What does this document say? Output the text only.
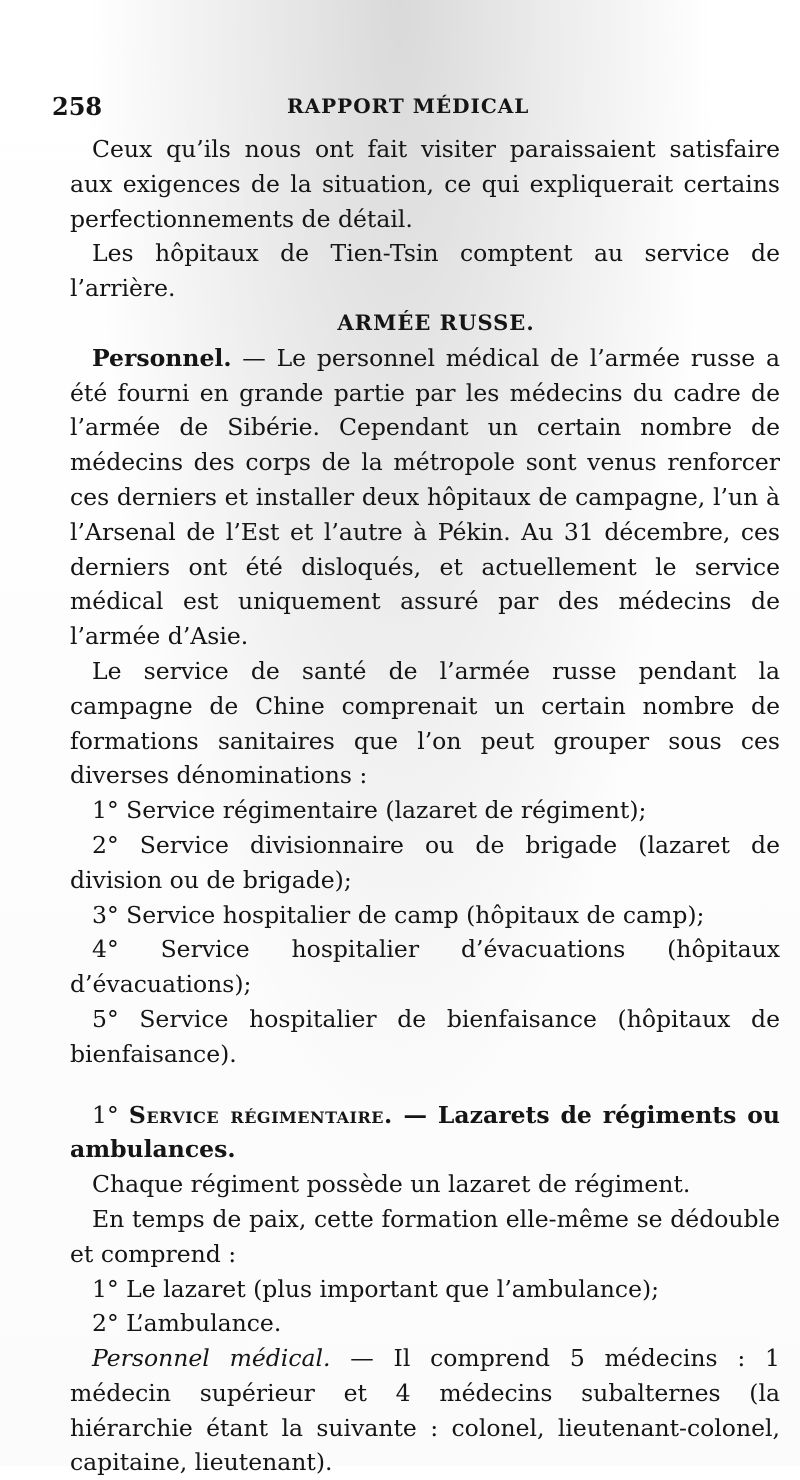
258	RAPPORT MÉDICAL

Ceux qu’ils nous ont fait visiter paraissaient satisfaire aux exigences de la situation, ce qui expliquerait certains perfectionnements de détail.

Les hôpitaux de Tien-Tsin comptent au service de l’arrière.

ARMÉE RUSSE.

Personnel. — Le personnel médical de l’armée russe a été fourni en grande partie par les médecins du cadre de l’armée de Sibérie. Cependant un certain nombre de médecins des corps de la métropole sont venus renforcer ces derniers et installer deux hôpitaux de campagne, l’un à l’Arsenal de l’Est et l’autre à Pékin. Au 31 décembre, ces derniers ont été disloqués, et actuellement le service médical est uniquement assuré par des médecins de l’armée d’Asie.

Le service de santé de l’armée russe pendant la campagne de Chine comprenait un certain nombre de formations sanitaires que l’on peut grouper sous ces diverses dénominations :

1° Service régimentaire (lazaret de régiment);

2° Service divisionnaire ou de brigade (lazaret de division ou de brigade);

3° Service hospitalier de camp (hôpitaux de camp);

4° Service hospitalier d’évacuations (hôpitaux d’évacuations);

5° Service hospitalier de bienfaisance (hôpitaux de bienfaisance).

1° Service régimentaire. — Lazarets de régiments ou ambulances.

Chaque régiment possède un lazaret de régiment.

En temps de paix, cette formation elle-même se dédouble et comprend :

1° Le lazaret (plus important que l’ambulance);

2° L’ambulance.

Personnel médical. — Il comprend 5 médecins : 1 médecin supérieur et 4 médecins subalternes (la hiérarchie étant la suivante : colonel, lieutenant-colonel, capitaine, lieutenant).
